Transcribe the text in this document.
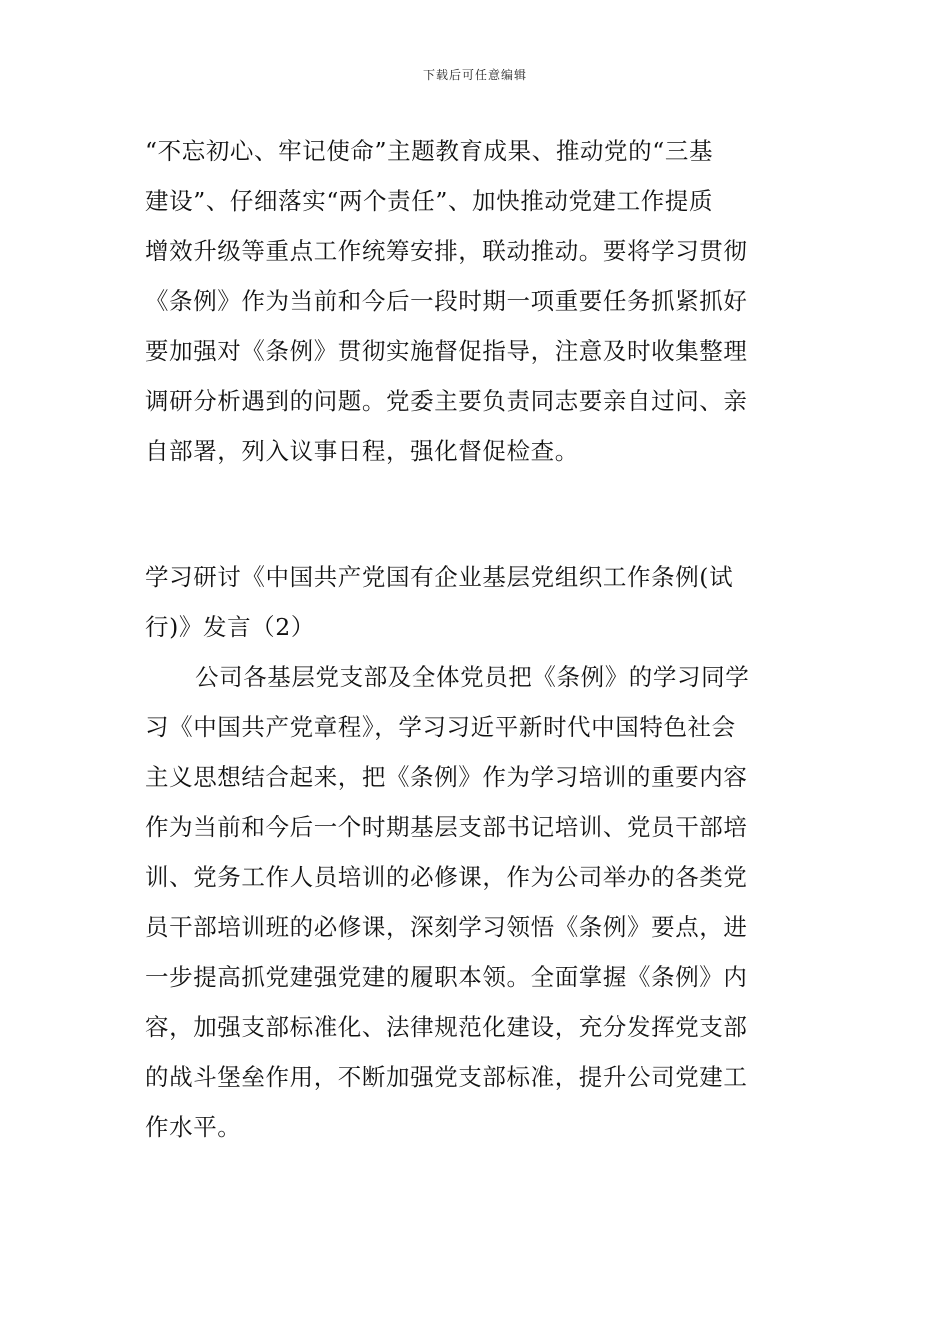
下载后可任意编辑
“不忘初心、牢记使命”主题教育成果、推动党的“三基
建设”、仔细落实“两个责任”、加快推动党建工作提质
增效升级等重点工作统筹安排，联动推动。要将学习贯彻
《条例》作为当前和今后一段时期一项重要任务抓紧抓好
要加强对《条例》贯彻实施督促指导，注意及时收集整理
调研分析遇到的问题。党委主要负责同志要亲自过问、亲
自部署，列入议事日程，强化督促检查。
学习研讨《中国共产党国有企业基层党组织工作条例(试
行)》发言（2）
公司各基层党支部及全体党员把《条例》的学习同学
习《中国共产党章程》，学习习近平新时代中国特色社会
主义思想结合起来，把《条例》作为学习培训的重要内容
作为当前和今后一个时期基层支部书记培训、党员干部培
训、党务工作人员培训的必修课，作为公司举办的各类党
员干部培训班的必修课，深刻学习领悟《条例》要点，进
一步提高抓党建强党建的履职本领。全面掌握《条例》内
容，加强支部标准化、法律规范化建设，充分发挥党支部
的战斗堡垒作用，不断加强党支部标准，提升公司党建工
作水平。
